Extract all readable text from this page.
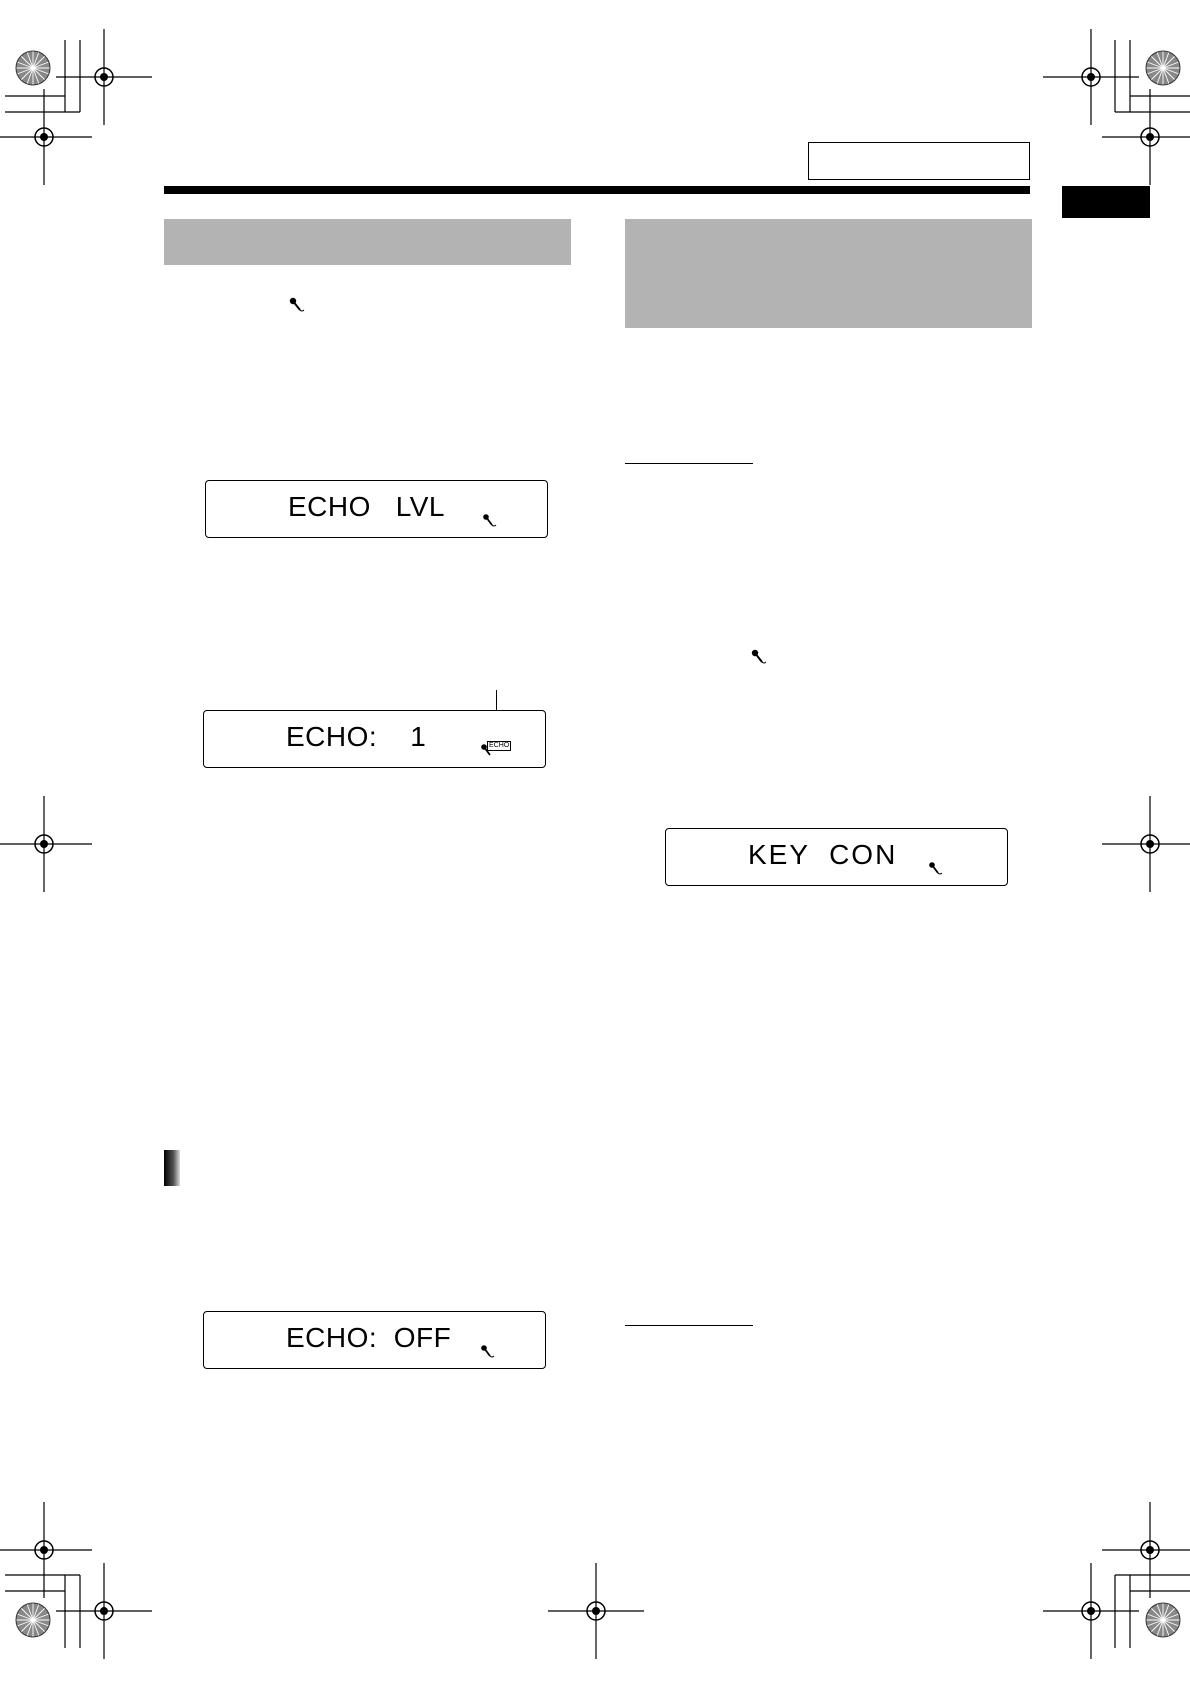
ECHO   LVL
ECHO:    1	ECHO
ECHO:  OFF
KEY  CON
